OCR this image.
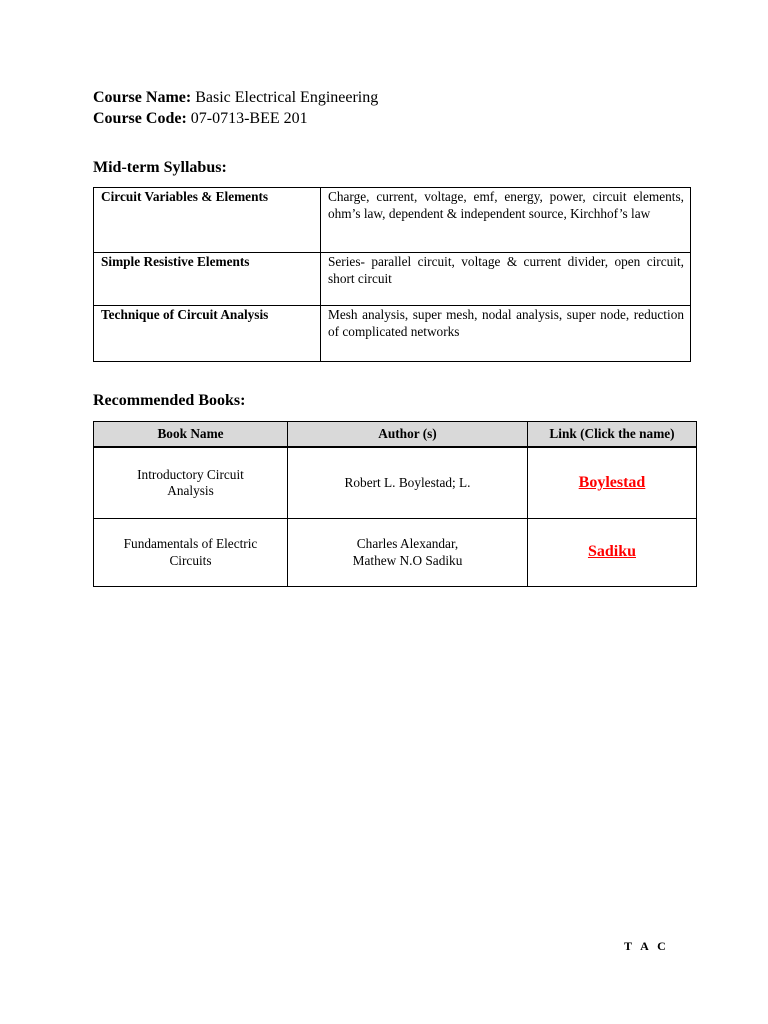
Course Name: Basic Electrical Engineering
Course Code: 07-0713-BEE 201
Mid-term Syllabus:
Circuit Variables & Elements	Charge, current, voltage, emf, energy, power, circuit elements, ohm’s law, dependent & independent source, Kirchhof’s law
Simple Resistive Elements	Series- parallel circuit, voltage & current divider, open circuit, short circuit
Technique of Circuit Analysis	Mesh analysis, super mesh, nodal analysis, super node, reduction of complicated networks
Recommended Books:
Book Name	Author (s)	Link (Click the name)
Introductory Circuit
Analysis	Robert L. Boylestad; L.	Boylestad
Fundamentals of Electric
Circuits	Charles Alexandar,
Mathew N.O Sadiku	Sadiku
T A C
